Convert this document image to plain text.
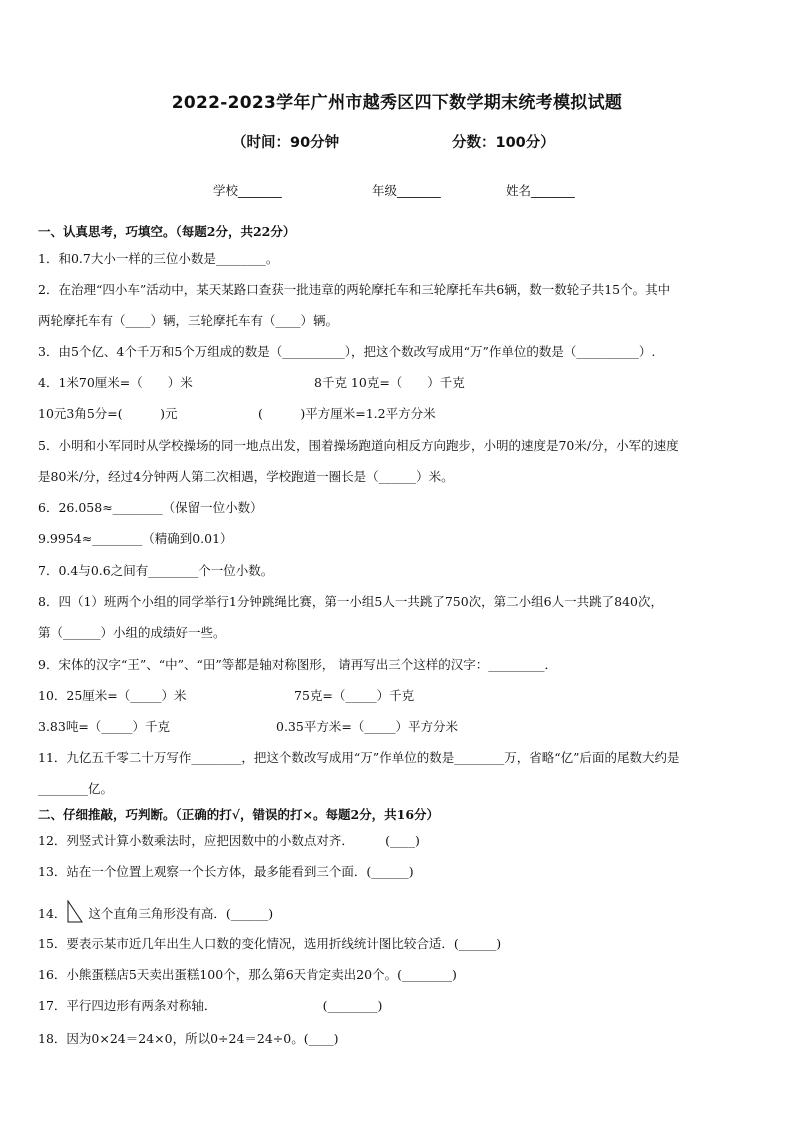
2022-2023学年广州市越秀区四下数学期末统考模拟试题
（时间：90分钟	分数：100分）
学校_______	年级_______	姓名_______
一、认真思考，巧填空。（每题2分，共22分）
1．和0.7大小一样的三位小数是________。
2．在治理“四小车”活动中，某天某路口查获一批违章的两轮摩托车和三轮摩托车共6辆，数一数轮子共15个。其中
两轮摩托车有（____）辆，三轮摩托车有（____）辆。
3．由5个亿、4个千万和5个万组成的数是（__________），把这个数改写成用“万”作单位的数是（__________）.
4．1米70厘米=（　　）米	8千克 10克=（　　）千克
10元3角5分=(　　　)元	(　　　)平方厘米=1.2平方分米
5．小明和小军同时从学校操场的同一地点出发，围着操场跑道向相反方向跑步，小明的速度是70米/分，小军的速度
是80米/分，经过4分钟两人第二次相遇，学校跑道一圈长是（______）米。
6．26.058≈________（保留一位小数）
9.9954≈________（精确到0.01）
7．0.4与0.6之间有________个一位小数。
8．四（1）班两个小组的同学举行1分钟跳绳比赛，第一小组5人一共跳了750次，第二小组6人一共跳了840次，
第（______）小组的成绩好一些。
9．宋体的汉字“王”、“中”、“田”等都是轴对称图形， 请再写出三个这样的汉字：_________．
10．25厘米=（_____）米	75克=（_____）千克
3.83吨=（_____）千克	0.35平方米=（_____）平方分米
11．九亿五千零二十万写作________，把这个数改写成用“万”作单位的数是________万，省略“亿”后面的尾数大约是
________亿。
二、仔细推敲，巧判断。（正确的打√，错误的打×。每题2分，共16分）
12．列竖式计算小数乘法时，应把因数中的小数点对齐．　　　(____)
13．站在一个位置上观察一个长方体，最多能看到三个面．(______)
14． 这个直角三角形没有高．(______)
15．要表示某市近几年出生人口数的变化情况，选用折线统计图比较合适．(______)
16．小熊蛋糕店5天卖出蛋糕100个，那么第6天肯定卖出20个。(________)
17．平行四边形有两条对称轴．　　　　　　　　　(________)
18．因为0×24＝24×0，所以0÷24＝24÷0。(____)
